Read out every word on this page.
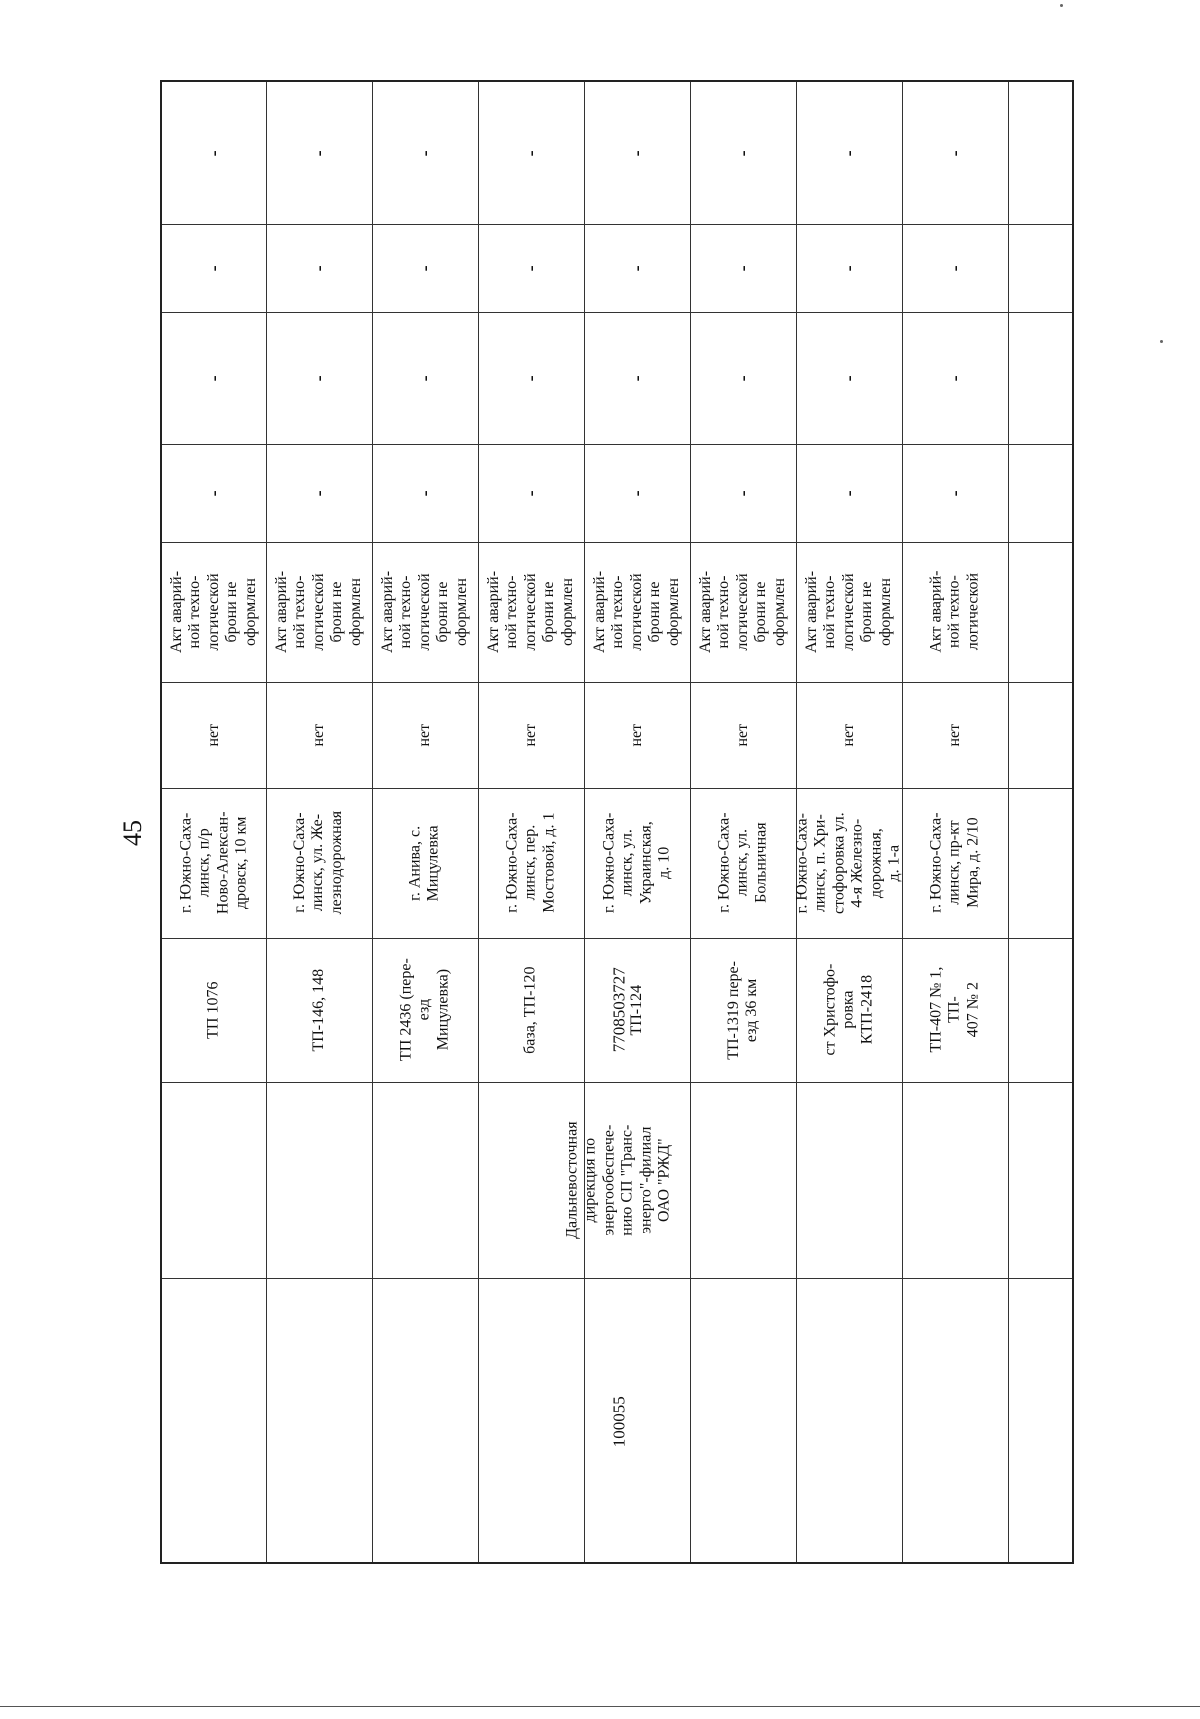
45
100055
Дальневосточная
дирекция по
энергообеспече-
нию СП "Транс-
энерго"-филиал
ОАО "РЖД"
7708503727
-
-
-
-
Акт аварий-
ной техно-
логической
брони не
оформлен
нет
г. Южно-Саха-
линск, п/р
Ново-Алексан-
дровск, 10 км
ТП 1076
-
-
-
-
Акт аварий-
ной техно-
логической
брони не
оформлен
нет
г. Южно-Саха-
линск, ул. Же-
лезнодорожная
ТП-146, 148
-
-
-
-
Акт аварий-
ной техно-
логической
брони не
оформлен
нет
г. Анива, с.
Мицулевка
ТП 2436 (пере-
езд Мицулевка)
-
-
-
-
Акт аварий-
ной техно-
логической
брони не
оформлен
нет
г. Южно-Саха-
линск, пер.
Мостовой, д. 1
база, ТП-120
-
-
-
-
Акт аварий-
ной техно-
логической
брони не
оформлен
нет
г. Южно-Саха-
линск, ул.
Украинская,
д. 10
ТП-124
-
-
-
-
Акт аварий-
ной техно-
логической
брони не
оформлен
нет
г. Южно-Саха-
линск, ул.
Больничная
ТП-1319 пере-
езд 36 км
-
-
-
-
Акт аварий-
ной техно-
логической
брони не
оформлен
нет
г. Южно-Саха-
линск, п. Хри-
стофоровка ул.
4-я Железно-
дорожная,
д. 1-а
ст Христофо-
ровка КТП-2418
-
-
-
-
Акт аварий-
ной техно-
логической
нет
г. Южно-Саха-
линск, пр-кт
Мира, д. 2/10
ТП-407 № 1, ТП-
407 № 2
